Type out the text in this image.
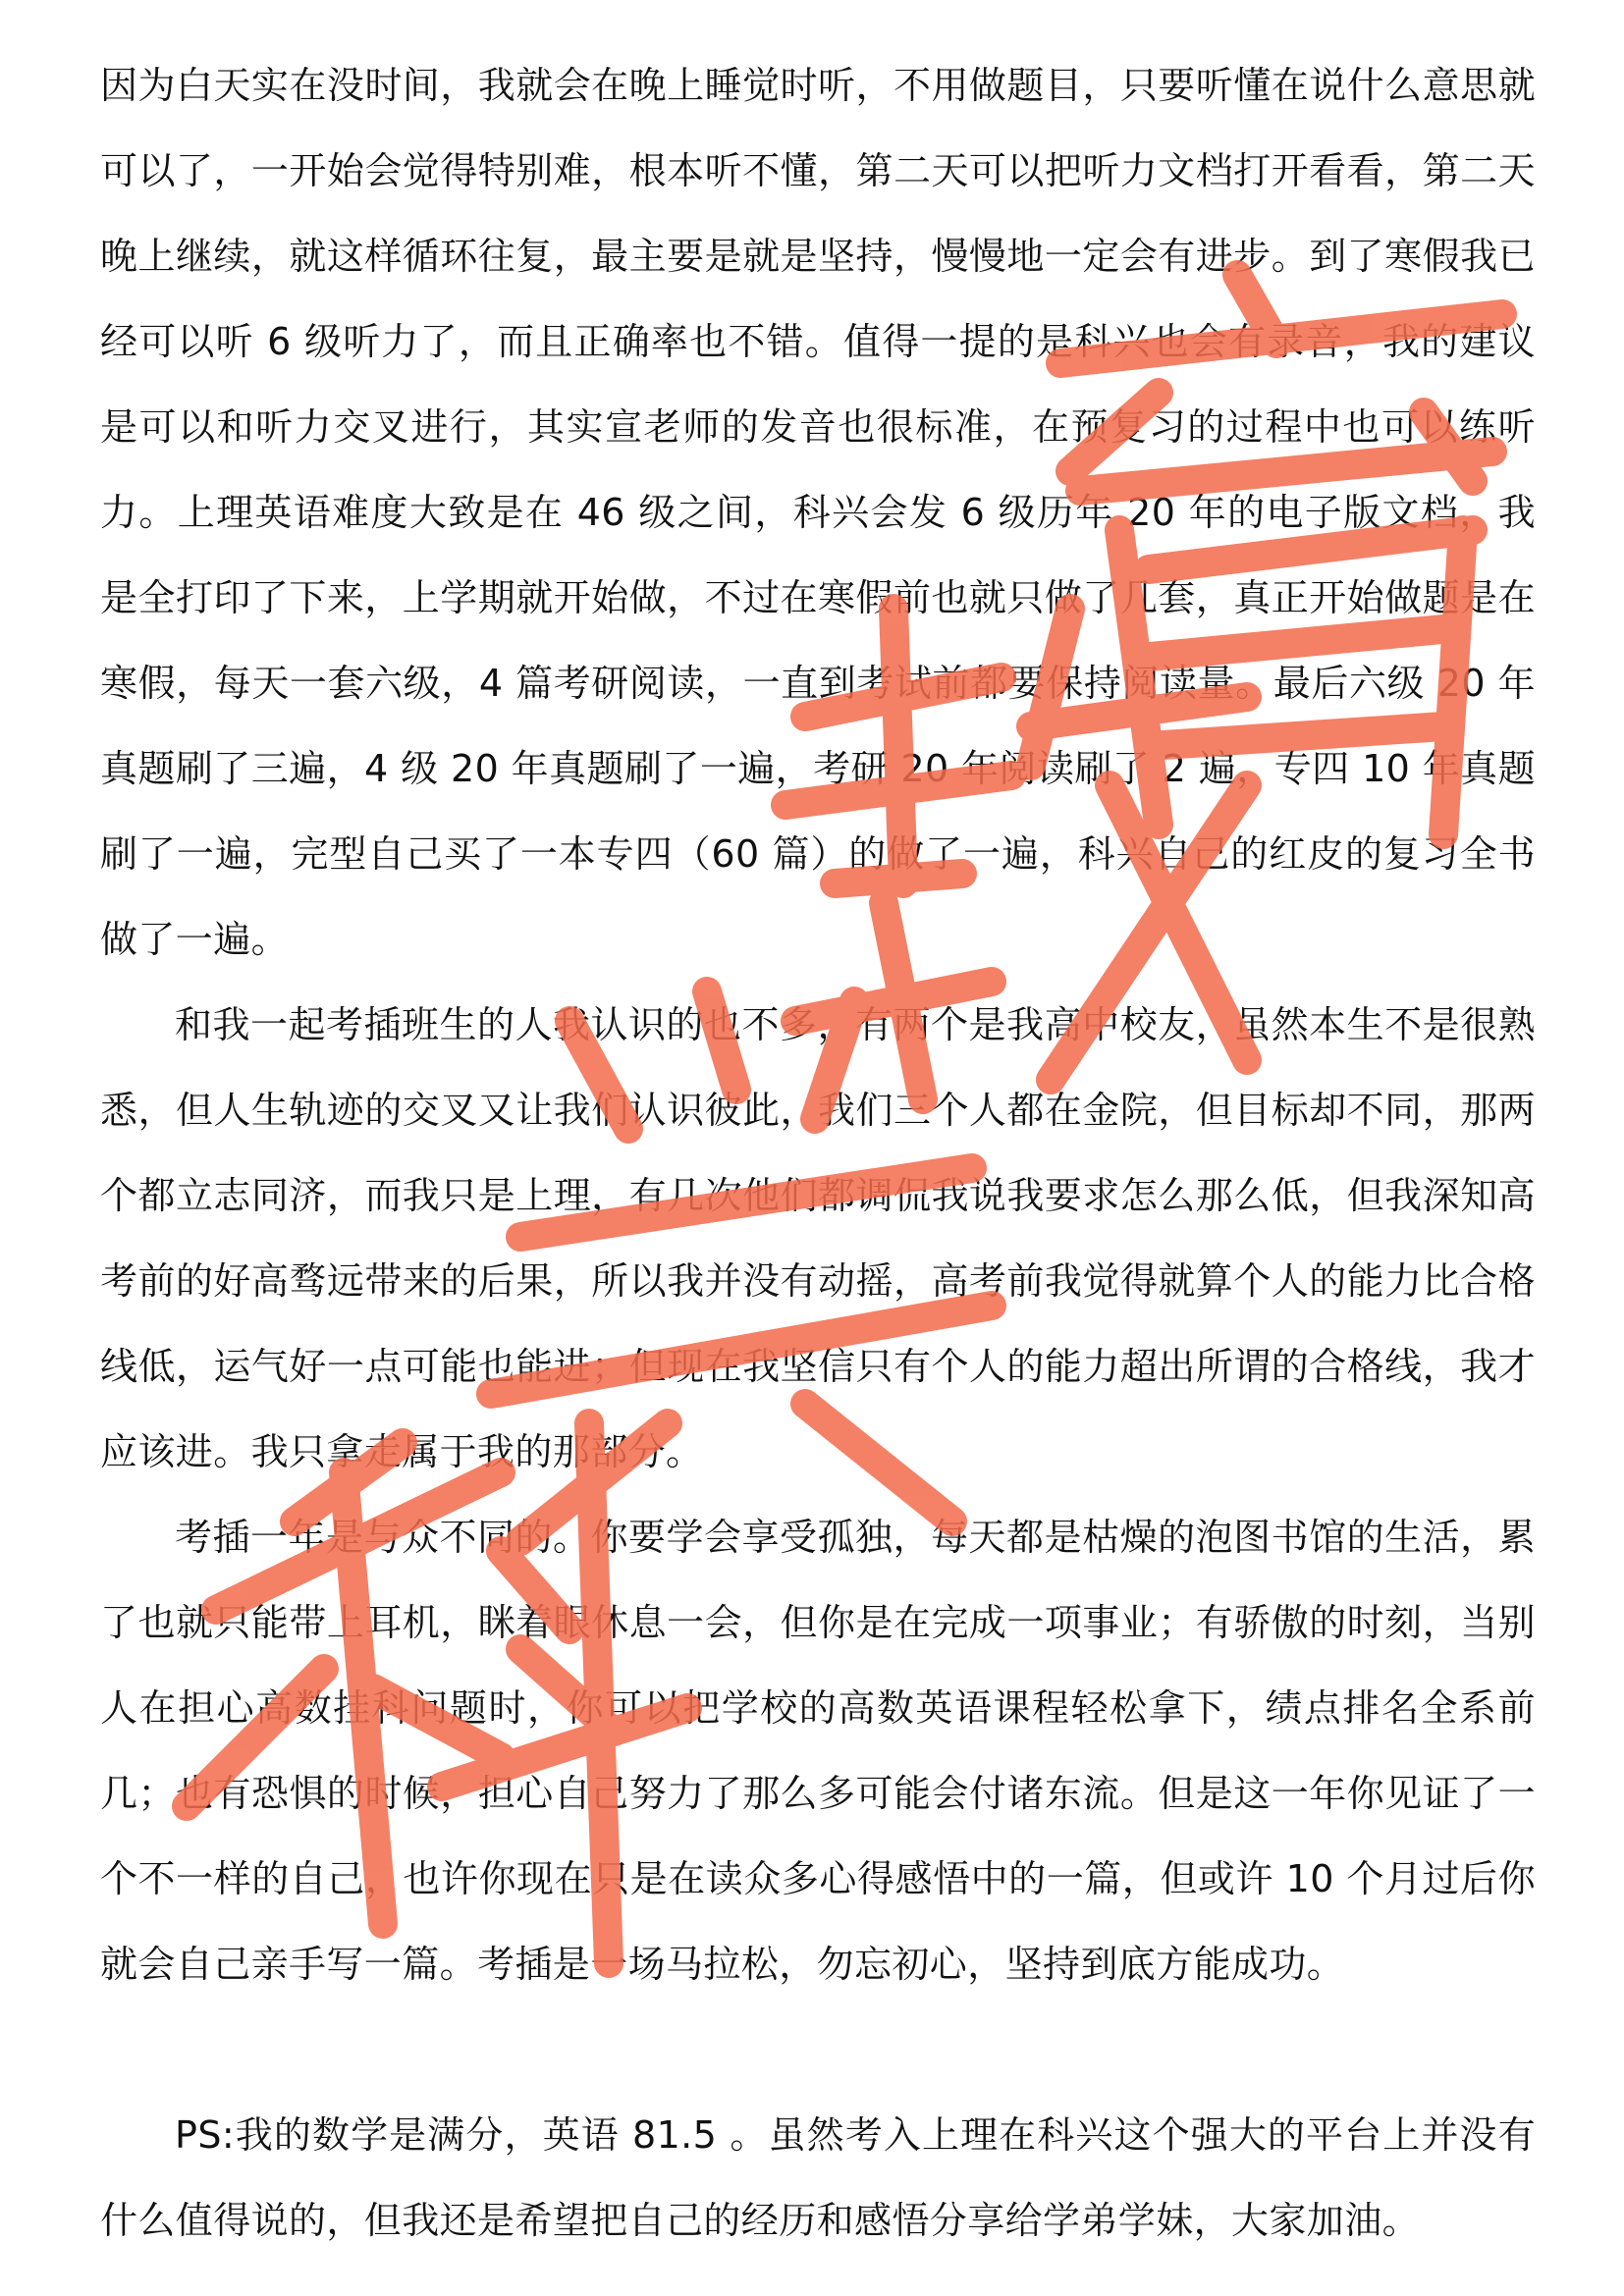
因为白天实在没时间，我就会在晚上睡觉时听，不用做题目，只要听懂在说什么意思就可以了，一开始会觉得特别难，根本听不懂，第二天可以把听力文档打开看看，第二天晚上继续，就这样循环往复，最主要是就是坚持，慢慢地一定会有进步。到了寒假我已经可以听 6 级听力了，而且正确率也不错。值得一提的是科兴也会有录音，我的建议是可以和听力交叉进行，其实宣老师的发音也很标准，在预复习的过程中也可以练听力。上理英语难度大致是在 46 级之间，科兴会发 6 级历年 20 年的电子版文档，我是全打印了下来，上学期就开始做，不过在寒假前也就只做了几套，真正开始做题是在寒假，每天一套六级，4 篇考研阅读，一直到考试前都要保持阅读量。最后六级 20 年真题刷了三遍，4 级 20 年真题刷了一遍，考研 20 年阅读刷了 2 遍，专四 10 年真题刷了一遍，完型自己买了一本专四（60 篇）的做了一遍，科兴自己的红皮的复习全书做了一遍。

和我一起考插班生的人我认识的也不多，有两个是我高中校友，虽然本生不是很熟悉，但人生轨迹的交叉又让我们认识彼此，我们三个人都在金院，但目标却不同，那两个都立志同济，而我只是上理，有几次他们都调侃我说我要求怎么那么低，但我深知高考前的好高骛远带来的后果，所以我并没有动摇，高考前我觉得就算个人的能力比合格线低，运气好一点可能也能进；但现在我坚信只有个人的能力超出所谓的合格线，我才应该进。我只拿走属于我的那部分。

考插一年是与众不同的。你要学会享受孤独，每天都是枯燥的泡图书馆的生活，累了也就只能带上耳机，眯着眼休息一会，但你是在完成一项事业；有骄傲的时刻，当别人在担心高数挂科问题时，你可以把学校的高数英语课程轻松拿下，绩点排名全系前几；也有恐惧的时候，担心自己努力了那么多可能会付诸东流。但是这一年你见证了一个不一样的自己，也许你现在只是在读众多心得感悟中的一篇，但或许 10 个月过后你就会自己亲手写一篇。考插是一场马拉松，勿忘初心，坚持到底方能成功。

PS:我的数学是满分，英语 81.5 。虽然考入上理在科兴这个强大的平台上并没有什么值得说的，但我还是希望把自己的经历和感悟分享给学弟学妹，大家加油。
